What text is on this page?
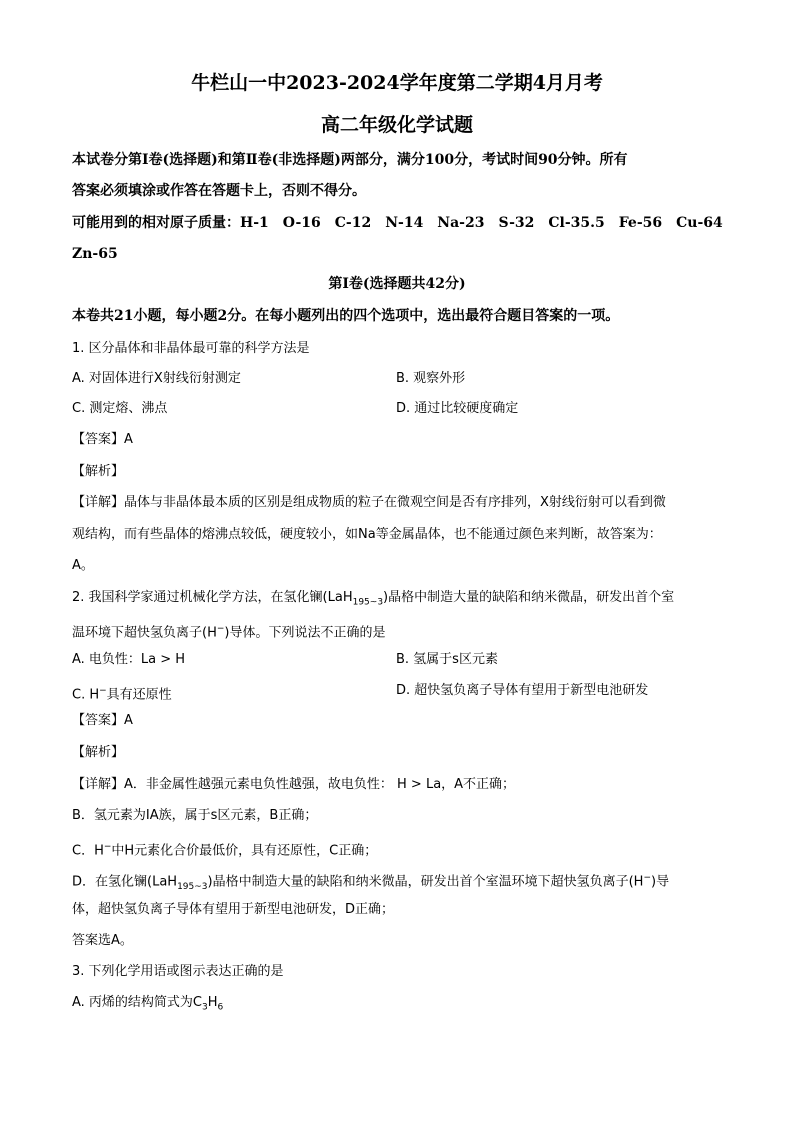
牛栏山一中2023-2024学年度第二学期4月月考
高二年级化学试题
本试卷分第Ⅰ卷(选择题)和第Ⅱ卷(非选择题)两部分，满分100分，考试时间90分钟。所有
答案必须填涂或作答在答题卡上，否则不得分。
可能用到的相对原子质量：H-1　O-16　C-12　N-14　Na-23　S-32　Cl-35.5　Fe-56　Cu-64
Zn-65
第Ⅰ卷(选择题共42分)
本卷共21小题，每小题2分。在每小题列出的四个选项中，选出最符合题目答案的一项。
1. 区分晶体和非晶体最可靠的科学方法是
A. 对固体进行X射线衍射测定	B. 观察外形
C. 测定熔、沸点	D. 通过比较硬度确定
【答案】A
【解析】
【详解】晶体与非晶体最本质的区别是组成物质的粒子在微观空间是否有序排列，X射线衍射可以看到微
观结构，而有些晶体的熔沸点较低，硬度较小，如Na等金属晶体，也不能通过颜色来判断，故答案为：
A。
2. 我国科学家通过机械化学方法，在氢化镧(LaH$_{195\sim 3}$)晶格中制造大量的缺陷和纳米微晶，研发出首个室
温环境下超快氢负离子(H−)导体。下列说法不正确的是
A. 电负性：La > H	B. 氢属于s区元素
C. H−具有还原性	D. 超快氢负离子导体有望用于新型电池研发
【答案】A
【解析】
【详解】A．非金属性越强元素电负性越强，故电负性： H > La，A不正确；
B．氢元素为ⅠA族，属于s区元素，B正确；
C．H−中H元素化合价最低价，具有还原性，C正确；
D．在氢化镧(LaH$_{195\sim 3}$)晶格中制造大量的缺陷和纳米微晶，研发出首个室温环境下超快氢负离子(H−)导
体，超快氢负离子导体有望用于新型电池研发，D正确；
答案选A。
3. 下列化学用语或图示表达正确的是
A. 丙烯的结构简式为$C_3H_6$
